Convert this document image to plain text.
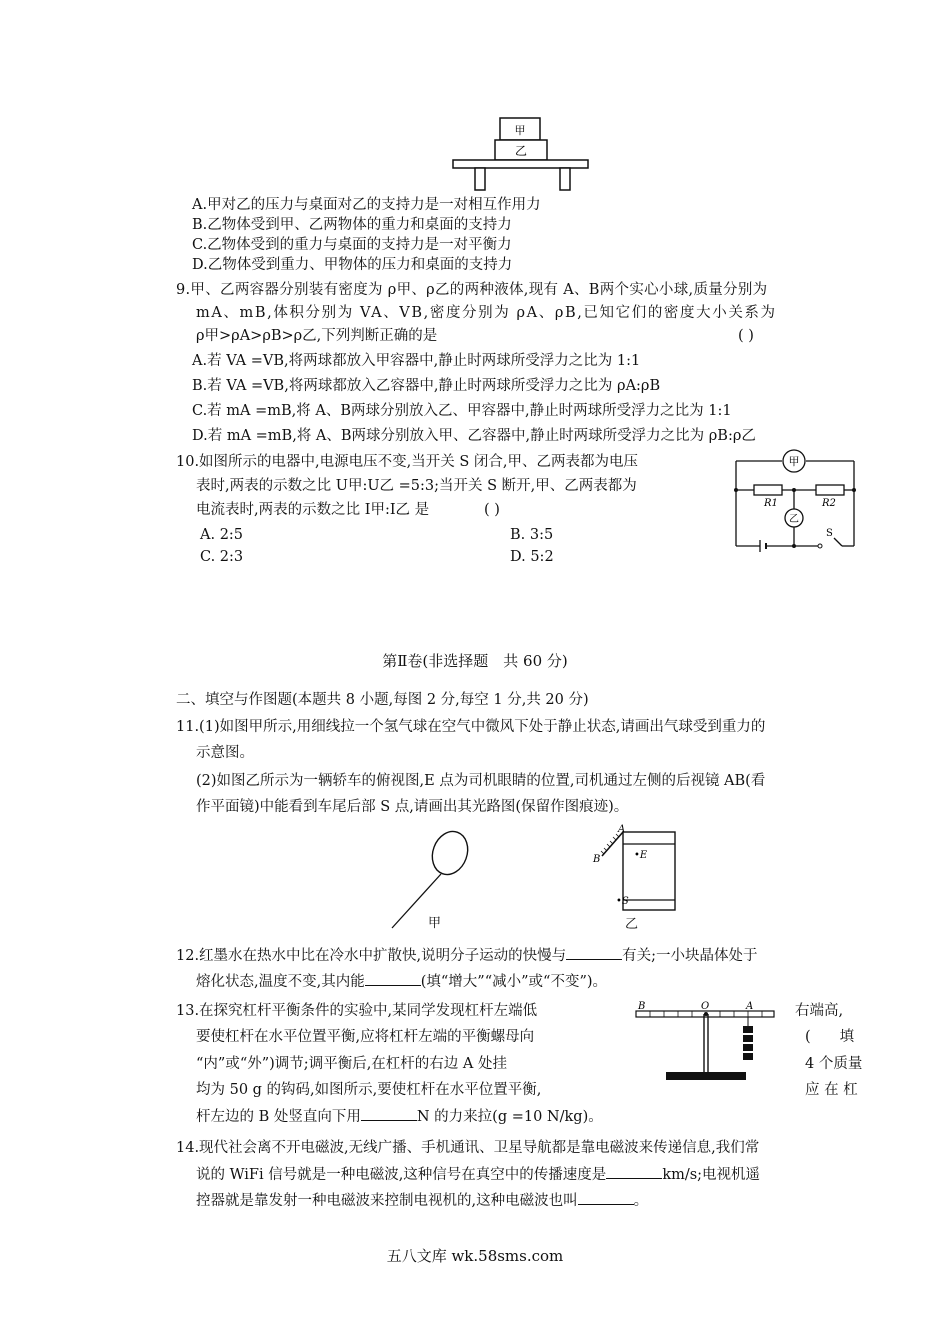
甲
乙
A.甲对乙的压力与桌面对乙的支持力是一对相互作用力
B.乙物体受到甲、乙两物体的重力和桌面的支持力
C.乙物体受到的重力与桌面的支持力是一对平衡力
D.乙物体受到重力、甲物体的压力和桌面的支持力
9.甲、乙两容器分别装有密度为 ρ甲、ρ乙的两种液体,现有 A、B两个实心小球,质量分别为
mA、mB,体积分别为 VA、VB,密度分别为 ρA、ρB,已知它们的密度大小关系为
ρ甲>ρA>ρB>ρ乙,下列判断正确的是	( )
A.若 VA =VB,将两球都放入甲容器中,静止时两球所受浮力之比为 1:1
B.若 VA =VB,将两球都放入乙容器中,静止时两球所受浮力之比为 ρA:ρB
C.若 mA =mB,将 A、B两球分别放入乙、甲容器中,静止时两球所受浮力之比为 1:1
D.若 mA =mB,将 A、B两球分别放入甲、乙容器中,静止时两球所受浮力之比为 ρB:ρ乙
10.如图所示的电器中,电源电压不变,当开关 S 闭合,甲、乙两表都为电压
表时,两表的示数之比 U甲:U乙 =5:3;当开关 S 断开,甲、乙两表都为
电流表时,两表的示数之比 I甲:I乙 是	( )
A. 2:5	B. 3:5
C. 2:3	D. 5:2
甲
乙
R1	R2
S
第Ⅱ卷(非选择题　共 60 分)
二、填空与作图题(本题共 8 小题,每图 2 分,每空 1 分,共 20 分)
11.(1)如图甲所示,用细线拉一个氢气球在空气中微风下处于静止状态,请画出气球受到重力的
示意图。
(2)如图乙所示为一辆轿车的俯视图,E 点为司机眼睛的位置,司机通过左侧的后视镜 AB(看
作平面镜)中能看到车尾后部 S 点,请画出其光路图(保留作图痕迹)。
甲
A
B	•E
•S
乙
12.红墨水在热水中比在冷水中扩散快,说明分子运动的快慢与	有关;一小块晶体处于
熔化状态,温度不变,其内能	(填“增大”“减小”或“不变”)。
13.在探究杠杆平衡条件的实验中,某同学发现杠杆左端低
要使杠杆在水平位置平衡,应将杠杆左端的平衡螺母向
“内”或“外”)调节;调平衡后,在杠杆的右边 A 处挂
均为 50 g 的钩码,如图所示,要使杠杆在水平位置平衡,
右端高,
(　　填
4 个质量
应 在 杠
杆左边的 B 处竖直向下用	N 的力来拉(g =10 N/kg)。
B	O	A
14.现代社会离不开电磁波,无线广播、手机通讯、卫星导航都是靠电磁波来传递信息,我们常
说的 WiFi 信号就是一种电磁波,这种信号在真空中的传播速度是	km/s;电视机遥
控器就是靠发射一种电磁波来控制电视机的,这种电磁波也叫	。
五八文库 wk.58sms.com
